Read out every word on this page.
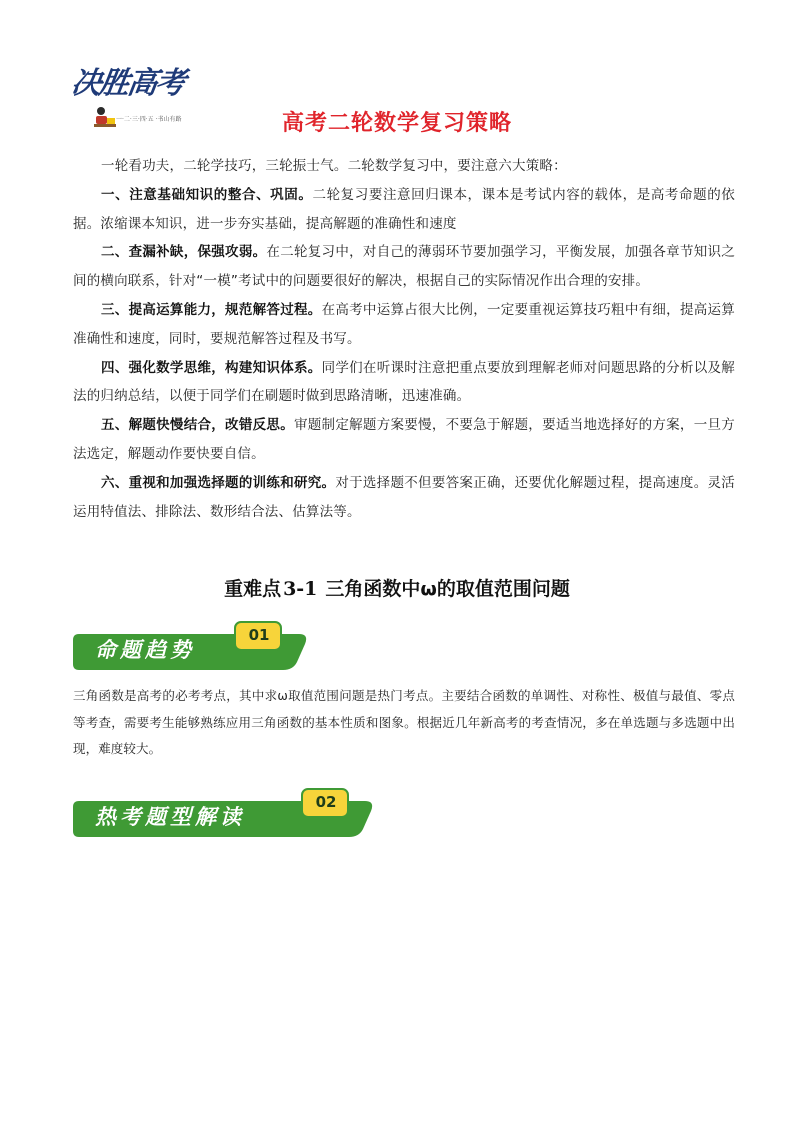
决胜高考
一·二·三·四·五 ·书山有路	高考二轮数学复习策略

一轮看功夫，二轮学技巧，三轮振士气。二轮数学复习中，要注意六大策略：

一、注意基础知识的整合、巩固。二轮复习要注意回归课本，课本是考试内容的载体，是高考命题的依据。浓缩课本知识，进一步夯实基础，提高解题的准确性和速度

二、查漏补缺，保强攻弱。在二轮复习中，对自己的薄弱环节要加强学习，平衡发展，加强各章节知识之间的横向联系，针对“一模”考试中的问题要很好的解决，根据自己的实际情况作出合理的安排。

三、提高运算能力，规范解答过程。在高考中运算占很大比例，一定要重视运算技巧粗中有细，提高运算准确性和速度，同时，要规范解答过程及书写。

四、强化数学思维，构建知识体系。同学们在听课时注意把重点要放到理解老师对问题思路的分析以及解法的归纳总结，以便于同学们在刷题时做到思路清晰，迅速准确。

五、解题快慢结合，改错反思。审题制定解题方案要慢，不要急于解题，要适当地选择好的方案，一旦方法选定，解题动作要快要自信。

六、重视和加强选择题的训练和研究。对于选择题不但要答案正确，还要优化解题过程，提高速度。灵活运用特值法、排除法、数形结合法、估算法等。

重难点 3-1 三角函数中ω的取值范围问题
命题趋势
01

三角函数是高考的必考考点，其中求ω取值范围问题是热门考点。主要结合函数的单调性、对称性、极值与最值、零点等考查，需要考生能够熟练应用三角函数的基本性质和图象。根据近几年新高考的考查情况，多在单选题与多选题中出现，难度较大。

热考题型解读
02
